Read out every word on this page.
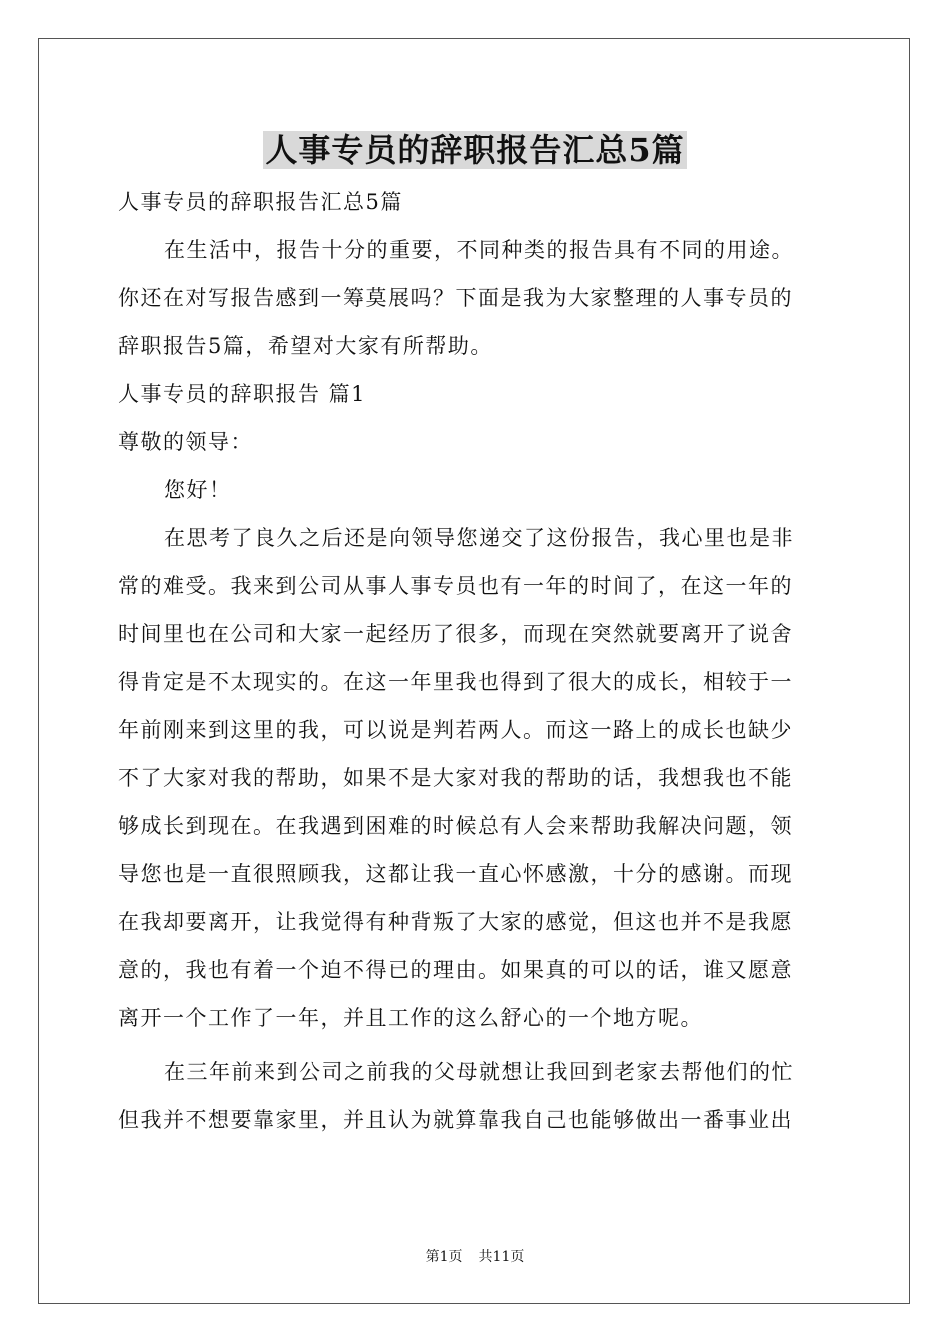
人事专员的辞职报告汇总5篇
人事专员的辞职报告汇总5篇
在生活中，报告十分的重要，不同种类的报告具有不同的用途。
你还在对写报告感到一筹莫展吗？下面是我为大家整理的人事专员的
辞职报告5篇，希望对大家有所帮助。
人事专员的辞职报告 篇1
尊敬的领导：
您好！
在思考了良久之后还是向领导您递交了这份报告，我心里也是非
常的难受。我来到公司从事人事专员也有一年的时间了，在这一年的
时间里也在公司和大家一起经历了很多，而现在突然就要离开了说舍
得肯定是不太现实的。在这一年里我也得到了很大的成长，相较于一
年前刚来到这里的我，可以说是判若两人。而这一路上的成长也缺少
不了大家对我的帮助，如果不是大家对我的帮助的话，我想我也不能
够成长到现在。在我遇到困难的时候总有人会来帮助我解决问题，领
导您也是一直很照顾我，这都让我一直心怀感激，十分的感谢。而现
在我却要离开，让我觉得有种背叛了大家的感觉，但这也并不是我愿
意的，我也有着一个迫不得已的理由。如果真的可以的话，谁又愿意
离开一个工作了一年，并且工作的这么舒心的一个地方呢。
在三年前来到公司之前我的父母就想让我回到老家去帮他们的忙
但我并不想要靠家里，并且认为就算靠我自己也能够做出一番事业出
第1页 共11页
